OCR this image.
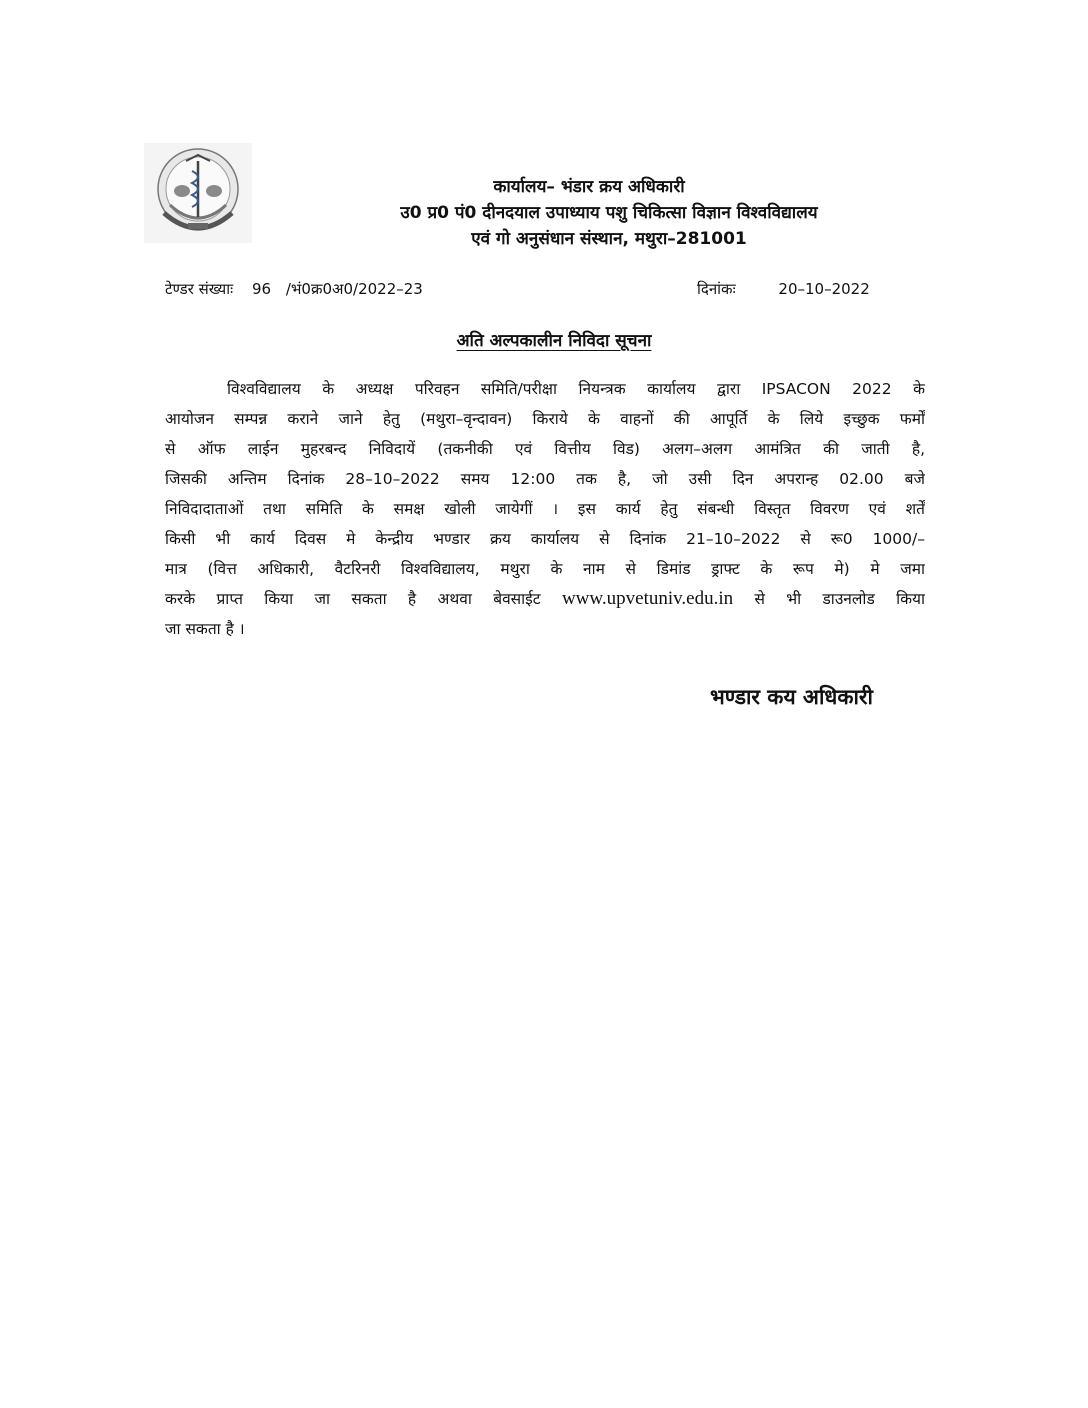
कार्यालय– भंडार क्रय अधिकारी
उ0 प्र0 पं0 दीनदयाल उपाध्याय पशु चिकित्सा विज्ञान विश्वविद्यालय
एवं गो अनुसंधान संस्थान, मथुरा–281001
टेण्डर संख्याः 96 /भं0क्र0अ0/2022–23	दिनांकः	20–10–2022
अति अल्पकालीन निविदा सूचना
विश्वविद्यालय के अध्यक्ष परिवहन समिति/परीक्षा नियन्त्रक कार्यालय द्वारा IPSACON 2022 के
आयोजन सम्पन्न कराने जाने हेतु (मथुरा–वृन्दावन) किराये के वाहनों की आपूर्ति के लिये इच्छुक फर्मों
से ऑफ लाईन मुहरबन्द निविदायें (तकनीकी एवं वित्तीय विड) अलग–अलग आमंत्रित की जाती है,
जिसकी अन्तिम दिनांक 28–10–2022 समय 12:00 तक है, जो उसी दिन अपरान्ह 02.00 बजे
निविदादाताओं तथा समिति के समक्ष खोली जायेगीं । इस कार्य हेतु संबन्धी विस्तृत विवरण एवं शर्तें
किसी भी कार्य दिवस मे केन्द्रीय भण्डार क्रय कार्यालय से दिनांक 21–10–2022 से रू0 1000/–
मात्र (वित्त अधिकारी, वैटरिनरी विश्वविद्यालय, मथुरा के नाम से डिमांड ड्राफ्ट के रूप मे) मे जमा
करके प्राप्त किया जा सकता है अथवा बेवसाईट www.upvetuniv.edu.in से भी डाउनलोड किया
जा सकता है ।
भण्डार कय अधिकारी
